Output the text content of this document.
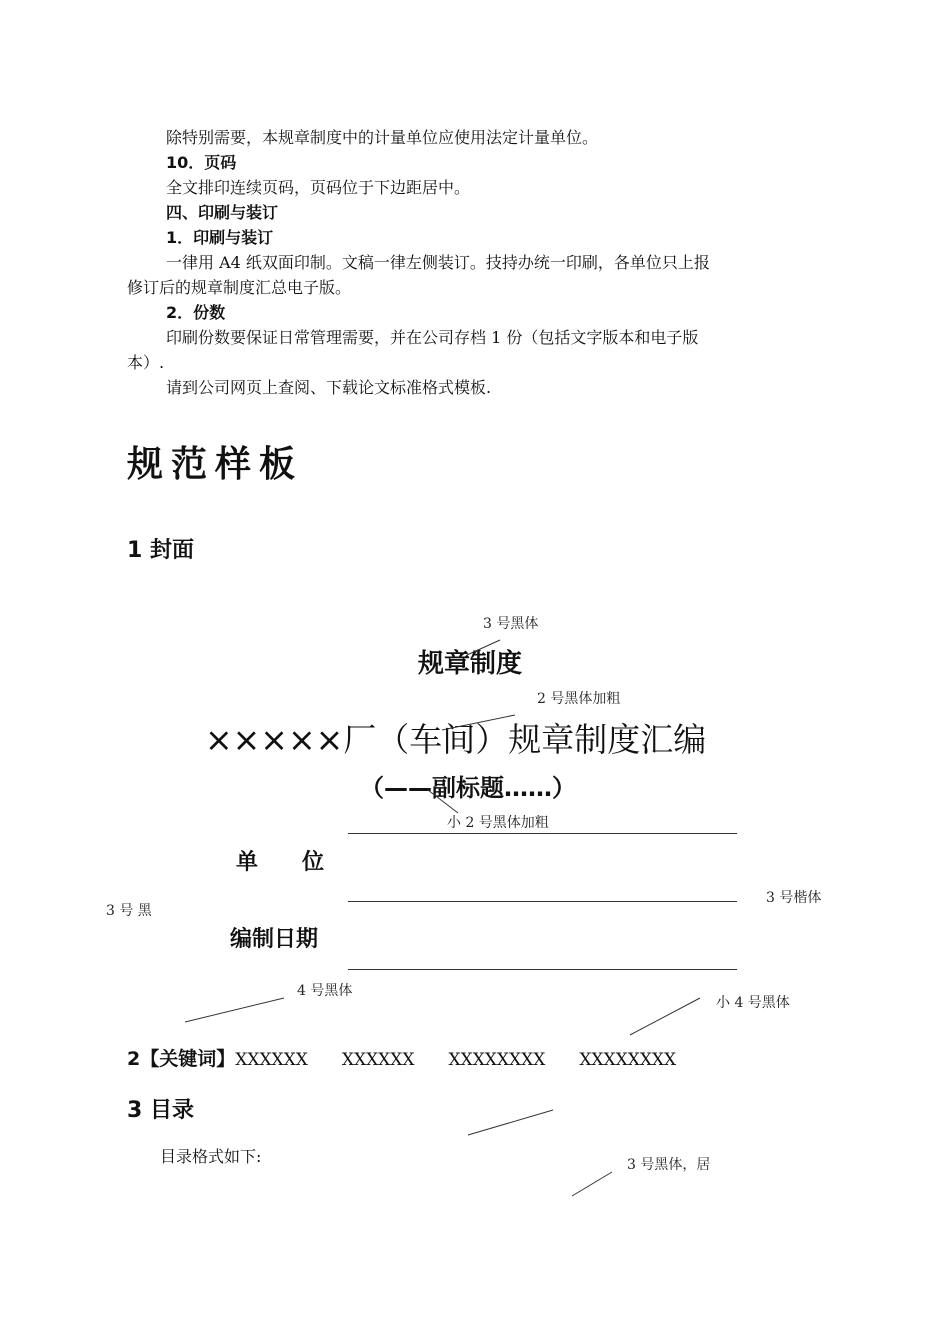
除特别需要，本规章制度中的计量单位应使用法定计量单位。
10．页码
全文排印连续页码，页码位于下边距居中。
四、印刷与装订
1．印刷与装订
一律用 A4 纸双面印制。文稿一律左侧装订。技持办统一印刷，各单位只上报
修订后的规章制度汇总电子版。
2．份数
印刷份数要保证日常管理需要，并在公司存档 1 份（包括文字版本和电子版
本）.
请到公司网页上查阅、下载论文标准格式模板.
规范样板
1 封面
3 号黑体
规章制度
2 号黑体加粗
×××××厂（车间）规章制度汇编
（——副标题……）
小 2 号黑体加粗
单　　位
3 号楷体
3 号 黑
编制日期
4 号黑体
小 4 号黑体
2【关键词】XXXXXX XXXXXX XXXXXXXX XXXXXXXX
3 目录
目录格式如下:	3 号黑体，居
